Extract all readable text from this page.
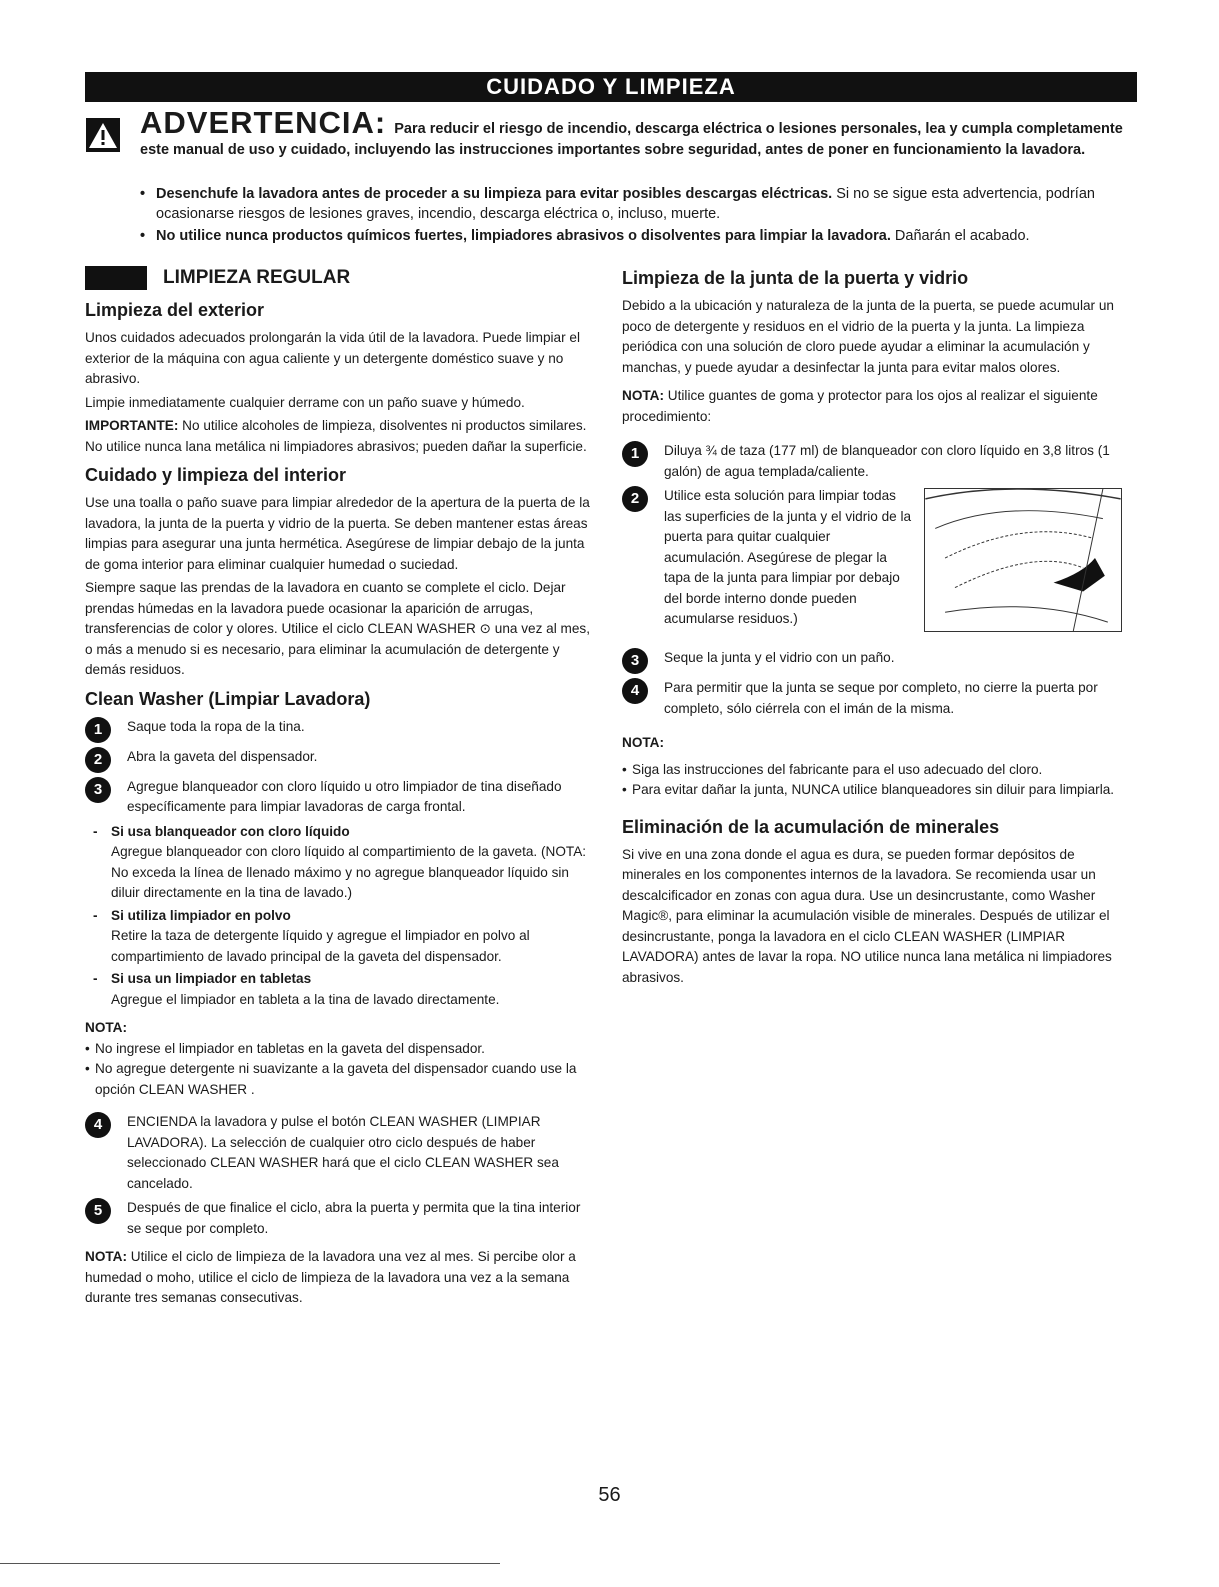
CUIDADO Y LIMPIEZA
ADVERTENCIA: Para reducir el riesgo de incendio, descarga eléctrica o lesiones personales, lea y cumpla completamente este manual de uso y cuidado, incluyendo las instrucciones importantes sobre seguridad, antes de poner en funcionamiento la lavadora.
• Desenchufe la lavadora antes de proceder a su limpieza para evitar posibles descargas eléctricas. Si no se sigue esta advertencia, podrían ocasionarse riesgos de lesiones graves, incendio, descarga eléctrica o, incluso, muerte.
• No utilice nunca productos químicos fuertes, limpiadores abrasivos o disolventes para limpiar la lavadora. Dañarán el acabado.
LIMPIEZA REGULAR
Limpieza del exterior

Unos cuidados adecuados prolongarán la vida útil de la lavadora. Puede limpiar el exterior de la máquina con agua caliente y un detergente doméstico suave y no abrasivo.

Limpie inmediatamente cualquier derrame con un paño suave y húmedo.

IMPORTANTE: No utilice alcoholes de limpieza, disolventes ni productos similares. No utilice nunca lana metálica ni limpiadores abrasivos; pueden dañar la superficie.

Cuidado y limpieza del interior

Use una toalla o paño suave para limpiar alrededor de la apertura de la puerta de la lavadora, la junta de la puerta y vidrio de la puerta. Se deben mantener estas áreas limpias para asegurar una junta hermética. Asegúrese de limpiar debajo de la junta de goma interior para eliminar cualquier humedad o suciedad.

Siempre saque las prendas de la lavadora en cuanto se complete el ciclo. Dejar prendas húmedas en la lavadora puede ocasionar la aparición de arrugas, transferencias de color y olores. Utilice el ciclo CLEAN WASHER ⊙ una vez al mes, o más a menudo si es necesario, para eliminar la acumulación de detergente y demás residuos.

Clean Washer (Limpiar Lavadora)
1	Saque toda la ropa de la tina.
2	Abra la gaveta del dispensador.
3	Agregue blanqueador con cloro líquido u otro limpiador de tina diseñado específicamente para limpiar lavadoras de carga frontal.
- Si usa blanqueador con cloro líquido
Agregue blanqueador con cloro líquido al compartimiento de la gaveta. (NOTA: No exceda la línea de llenado máximo y no agregue blanqueador líquido sin diluir directamente en la tina de lavado.)
- Si utiliza limpiador en polvo
Retire la taza de detergente líquido y agregue el limpiador en polvo al compartimiento de lavado principal de la gaveta del dispensador.
- Si usa un limpiador en tabletas
Agregue el limpiador en tableta a la tina de lavado directamente.
NOTA:
• No ingrese el limpiador en tabletas en la gaveta del dispensador.
• No agregue detergente ni suavizante a la gaveta del dispensador cuando use la opción CLEAN WASHER .
4	ENCIENDA la lavadora y pulse el botón CLEAN WASHER (LIMPIAR LAVADORA). La selección de cualquier otro ciclo después de haber seleccionado CLEAN WASHER hará que el ciclo CLEAN WASHER sea cancelado.
5	Después de que finalice el ciclo, abra la puerta y permita que la tina interior se seque por completo.

NOTA: Utilice el ciclo de limpieza de la lavadora una vez al mes. Si percibe olor a humedad o moho, utilice el ciclo de limpieza de la lavadora una vez a la semana durante tres semanas consecutivas.

Limpieza de la junta de la puerta y vidrio

Debido a la ubicación y naturaleza de la junta de la puerta, se puede acumular un poco de detergente y residuos en el vidrio de la puerta y la junta. La limpieza periódica con una solución de cloro puede ayudar a eliminar la acumulación y manchas, y puede ayudar a desinfectar la junta para evitar malos olores.

NOTA: Utilice guantes de goma y protector para los ojos al realizar el siguiente procedimiento:

1	Diluya ¾ de taza (177 ml) de blanqueador con cloro líquido en 3,8 litros (1 galón) de agua templada/caliente.
2	Utilice esta solución para limpiar todas las superficies de la junta y el vidrio de la puerta para quitar cualquier acumulación. Asegúrese de plegar la tapa de la junta para limpiar por debajo del borde interno donde pueden acumularse residuos.)
3	Seque la junta y el vidrio con un paño.
4	Para permitir que la junta se seque por completo, no cierre la puerta por completo, sólo ciérrela con el imán de la misma.
NOTA:
• Siga las instrucciones del fabricante para el uso adecuado del cloro.
• Para evitar dañar la junta, NUNCA utilice blanqueadores sin diluir para limpiarla.
Eliminación de la acumulación de minerales

Si vive en una zona donde el agua es dura, se pueden formar depósitos de minerales en los componentes internos de la lavadora. Se recomienda usar un descalcificador en zonas con agua dura. Use un desincrustante, como Washer Magic®, para eliminar la acumulación visible de minerales. Después de utilizar el desincrustante, ponga la lavadora en el ciclo CLEAN WASHER (LIMPIAR LAVADORA) antes de lavar la ropa. NO utilice nunca lana metálica ni limpiadores abrasivos.

56
